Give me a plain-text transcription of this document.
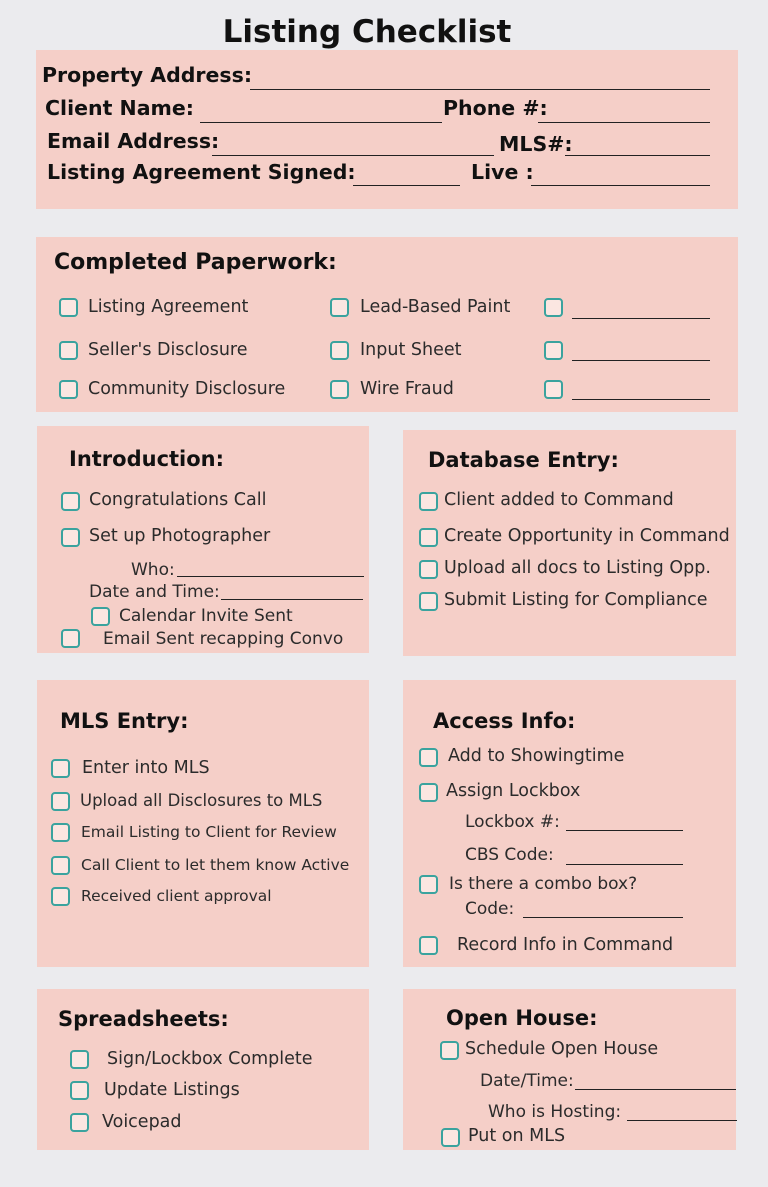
Listing Checklist
Property Address:
Client Name:	Phone #:
Email Address:	MLS#:
Listing Agreement Signed:	Live :
Completed Paperwork:
Listing Agreement	Lead-Based Paint
Seller's Disclosure	Input Sheet
Community Disclosure	Wire Fraud
Introduction:
Congratulations Call
Set up Photographer
Who:
Date and Time:
Calendar Invite Sent
Email Sent recapping Convo
Database Entry:
Client added to Command
Create Opportunity in Command
Upload all docs to Listing Opp.
Submit Listing for Compliance
MLS Entry:
Enter into MLS
Upload all Disclosures to MLS
Email Listing to Client for Review
Call Client to let them know Active
Received client approval
Access Info:
Add to Showingtime
Assign Lockbox
Lockbox #:
CBS Code:
Is there a combo box?
Code:
Record Info in Command
Spreadsheets:
Sign/Lockbox Complete
Update Listings
Voicepad
Open House:
Schedule Open House
Date/Time:
Who is Hosting:
Put on MLS
